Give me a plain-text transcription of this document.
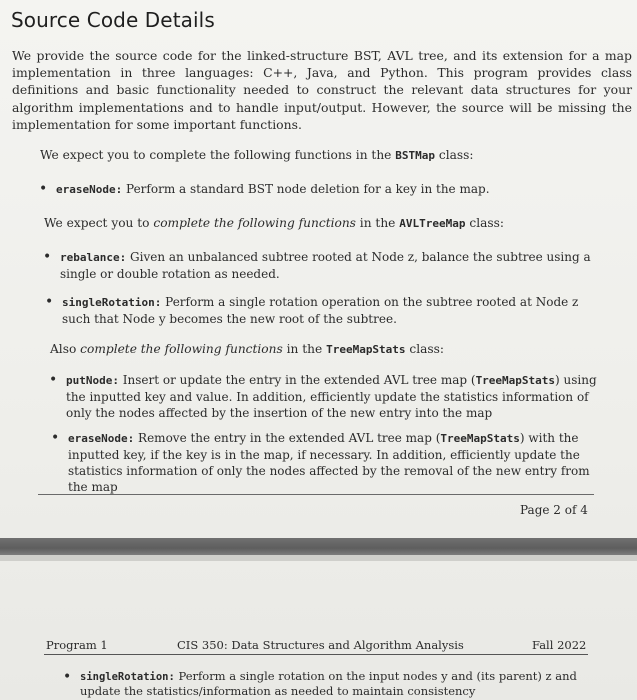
Source Code Details
We provide the source code for the linked-structure BST, AVL tree, and its extension for a map implementation in three languages: C++, Java, and Python. This program provides class definitions and basic functionality needed to construct the relevant data structures for your algorithm implementations and to handle input/output. However, the source will be missing the implementation for some important functions.
We expect you to complete the following functions in the BSTMap class:
• eraseNode: Perform a standard BST node deletion for a key in the map.
We expect you to complete the following functions in the AVLTreeMap class:
• rebalance: Given an unbalanced subtree rooted at Node z, balance the subtree using a single or double rotation as needed.
• singleRotation: Perform a single rotation operation on the subtree rooted at Node z such that Node y becomes the new root of the subtree.
Also complete the following functions in the TreeMapStats class:
• putNode: Insert or update the entry in the extended AVL tree map (TreeMapStats) using the inputted key and value. In addition, efficiently update the statistics information of only the nodes affected by the insertion of the new entry into the map
• eraseNode: Remove the entry in the extended AVL tree map (TreeMapStats) with the inputted key, if the key is in the map, if necessary. In addition, efficiently update the statistics information of only the nodes affected by the removal of the new entry from the map
Page 2 of 4
Program 1	CIS 350: Data Structures and Algorithm Analysis	Fall 2022
• singleRotation: Perform a single rotation on the input nodes y and (its parent) z and update the statistics/information as needed to maintain consistency
